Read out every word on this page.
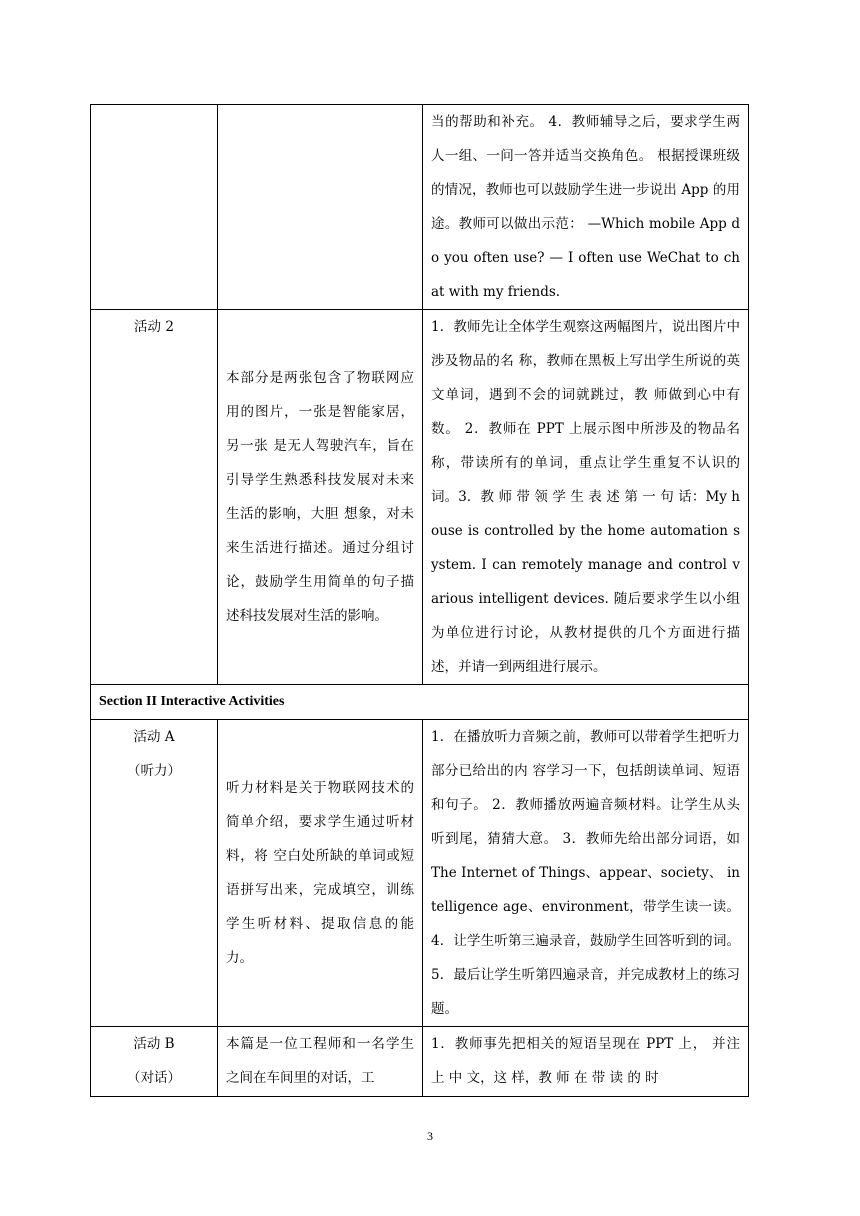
		当的帮助和补充。 4．教师辅导之后，要求学生两人一组、一问一答并适当交换角色。 根据授课班级的情况，教师也可以鼓励学生进一步说出 App 的用途。教师可以做出示范： —Which mobile App do you often use? — I often use WeChat to chat with my friends.

活动 2	本部分是两张包含了物联网应用的图片，一张是智能家居，另一张 是无人驾驶汽车，旨在引导学生熟悉科技发展对未来生活的影响，大胆 想象，对未来生活进行描述。通过分组讨论，鼓励学生用简单的句子描 述科技发展对生活的影响。	1．教师先让全体学生观察这两幅图片，说出图片中涉及物品的名 称，教师在黑板上写出学生所说的英文单词，遇到不会的词就跳过，教 师做到心中有数。 2．教师在 PPT 上展示图中所涉及的物品名称，带读所有的单词，重点让学生重复不认识的词。3．教 师 带 领 学 生 表 述 第 一 句 话：My house is controlled by the home automation system. I can remotely manage and control various intelligent devices. 随后要求学生以小组为单位进行讨论，从教材提供的几个方面进行描述，并请一到两组进行展示。

Section II Interactive Activities		

活动 A
（听力）	听力材料是关于物联网技术的简单介绍，要求学生通过听材料，将 空白处所缺的单词或短语拼写出来，完成填空，训练学生听材料、提取信息的能力。	1．在播放听力音频之前，教师可以带着学生把听力部分已给出的内 容学习一下，包括朗读单词、短语和句子。 2．教师播放两遍音频材料。让学生从头听到尾，猜猜大意。 3．教师先给出部分词语，如 The Internet of Things、appear、society、 intelligence age、environment，带学生读一读。 4．让学生听第三遍录音，鼓励学生回答听到的词。 5．最后让学生听第四遍录音，并完成教材上的练习题。

活动 B
（对话）	本篇是一位工程师和一名学生之间在车间里的对话，工	1．教师事先把相关的短语呈现在 PPT 上， 并注 上 中 文，这 样，教 师 在 带 读 的 时
3
